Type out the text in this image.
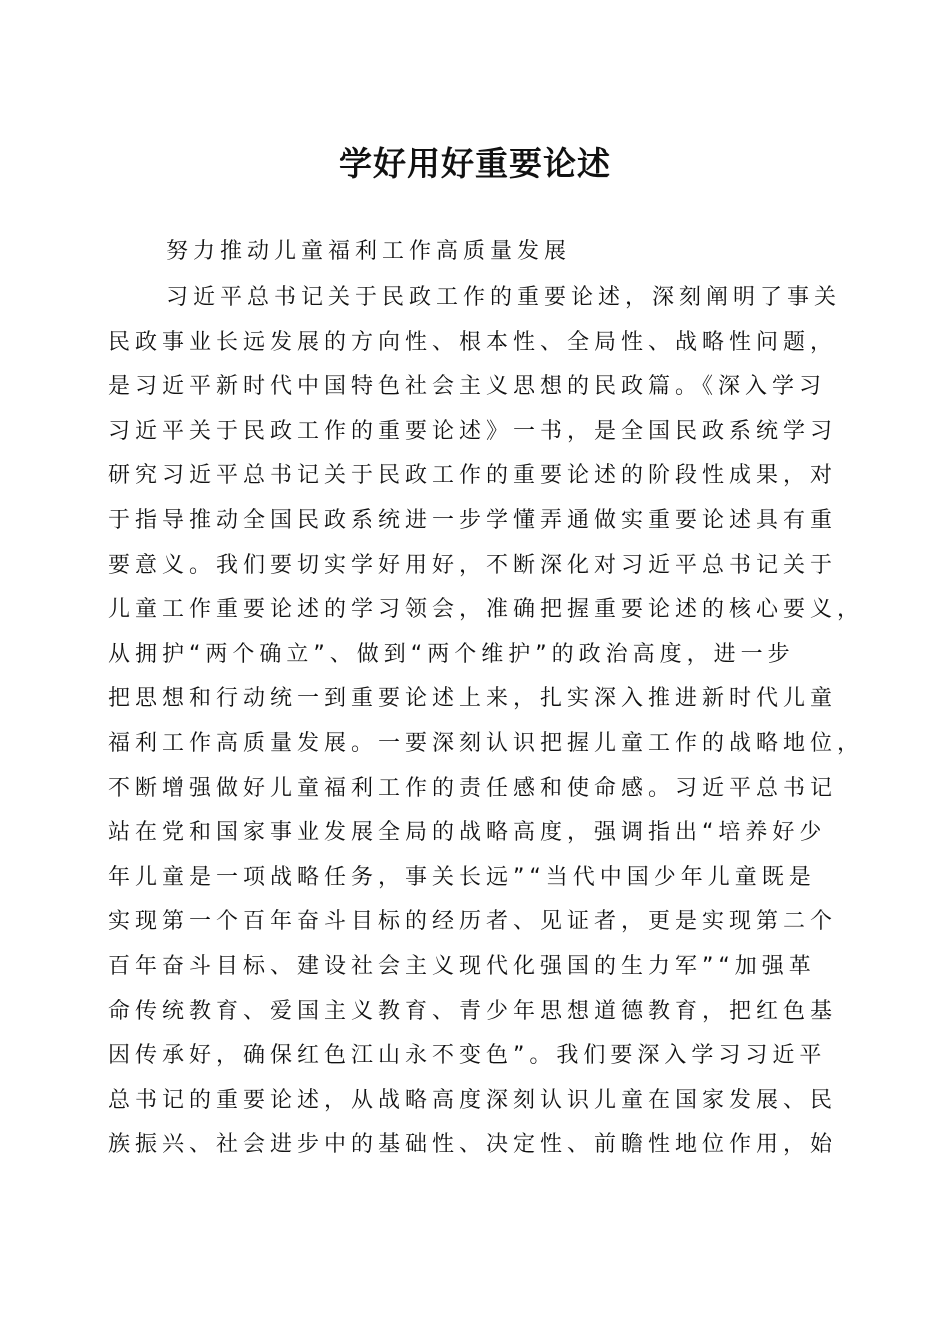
学好用好重要论述
努力推动儿童福利工作高质量发展
习近平总书记关于民政工作的重要论述，深刻阐明了事关
民政事业长远发展的方向性、根本性、全局性、战略性问题，
是习近平新时代中国特色社会主义思想的民政篇。《深入学习
习近平关于民政工作的重要论述》一书，是全国民政系统学习
研究习近平总书记关于民政工作的重要论述的阶段性成果，对
于指导推动全国民政系统进一步学懂弄通做实重要论述具有重
要意义。我们要切实学好用好，不断深化对习近平总书记关于
儿童工作重要论述的学习领会，准确把握重要论述的核心要义，
从拥护“两个确立”、做到“两个维护”的政治高度，进一步
把思想和行动统一到重要论述上来，扎实深入推进新时代儿童
福利工作高质量发展。一要深刻认识把握儿童工作的战略地位，
不断增强做好儿童福利工作的责任感和使命感。习近平总书记
站在党和国家事业发展全局的战略高度，强调指出“培养好少
年儿童是一项战略任务，事关长远”“当代中国少年儿童既是
实现第一个百年奋斗目标的经历者、见证者，更是实现第二个
百年奋斗目标、建设社会主义现代化强国的生力军”“加强革
命传统教育、爱国主义教育、青少年思想道德教育，把红色基
因传承好，确保红色江山永不变色”。我们要深入学习习近平
总书记的重要论述，从战略高度深刻认识儿童在国家发展、民
族振兴、社会进步中的基础性、决定性、前瞻性地位作用，始
